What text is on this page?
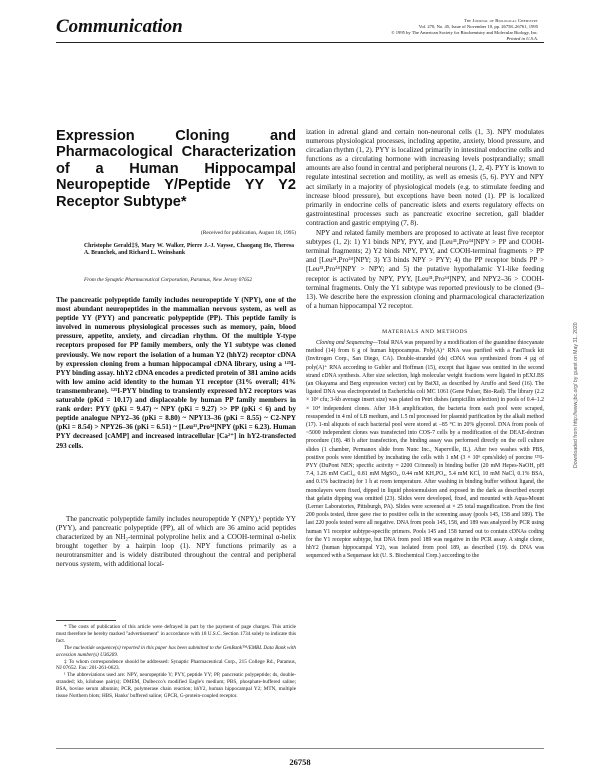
Communication	The Journal of Biological Chemistry
Vol. 270, No. 45, Issue of November 10, pp. 26758–26761, 1995
© 1995 by The American Society for Biochemistry and Molecular Biology, Inc.
Printed in U.S.A.
Expression Cloning and Pharmacological Characterization of a Human Hippocampal Neuropeptide Y/Peptide YY Y2 Receptor Subtype*
(Received for publication, August 18, 1995)
Christophe Gerald‡§, Mary W. Walker, Pierre J.-J. Vaysse, Chaogang He, Theresa A. Branchek, and Richard L. Weinshank
From the Synaptic Pharmaceutical Corporation, Paramus, New Jersey 07652
The pancreatic polypeptide family includes neuropeptide Y (NPY), one of the most abundant neuropeptides in the mammalian nervous system, as well as peptide YY (PYY) and pancreatic polypeptide (PP). This peptide family is involved in numerous physiological processes such as memory, pain, blood pressure, appetite, anxiety, and circadian rhythm. Of the multiple Y-type receptors proposed for PP family members, only the Y1 subtype was cloned previously. We now report the isolation of a human Y2 (hhY2) receptor cDNA by expression cloning from a human hippocampal cDNA library, using a ¹²⁵I-PYY binding assay. hhY2 cDNA encodes a predicted protein of 381 amino acids with low amino acid identity to the human Y1 receptor (31% overall; 41% transmembrane). ¹²⁵I-PYY binding to transiently expressed hY2 receptors was saturable (pKd = 10.17) and displaceable by human PP family members in rank order: PYY (pKi = 9.47) ~ NPY (pKi = 9.27) >> PP (pKi < 6) and by peptide analogue NPY2–36 (pKi = 8.80) ~ NPY13–36 (pKi = 8.55) ~ C2-NPY (pKi = 8.54) > NPY26–36 (pKi = 6.51) ~ [Leu³¹,Pro³⁴]NPY (pKi = 6.23). Human PYY decreased [cAMP] and increased intracellular [Ca²⁺] in hY2-transfected 293 cells.
The pancreatic polypeptide family includes neuropeptide Y (NPY),¹ peptide YY (PYY), and pancreatic polypeptide (PP), all of which are 36 amino acid peptides characterized by an NH₂-terminal polyproline helix and a COOH-terminal α-helix brought together by a hairpin loop (1). NPY functions primarily as a neurotransmitter and is widely distributed throughout the central and peripheral nervous system, with additional local-

* The costs of publication of this article were defrayed in part by the payment of page charges. This article must therefore be hereby marked "advertisement" in accordance with 18 U.S.C. Section 1734 solely to indicate this fact.

The nucleotide sequence(s) reported in this paper has been submitted to the GenBank™/EMBL Data Bank with accession number(s) U36269.

‡ To whom correspondence should be addressed: Synaptic Pharmaceutical Corp., 215 College Rd., Paramus, NJ 07652. Fax: 201-261-0623.

¹ The abbreviations used are: NPY, neuropeptide Y; PYY, peptide YY; PP, pancreatic polypeptide; ds, double-stranded; kb, kilobase pair(s); DMEM, Dulbecco's modified Eagle's medium; PBS, phosphate-buffered saline; BSA, bovine serum albumin; PCR, polymerase chain reaction; hhY2, human hippocampal Y2; MTN, multiple tissue Northern blots; HBS, Hanks' buffered saline; GPCR, G-protein-coupled receptor.

ization in adrenal gland and certain non-neuronal cells (1, 3). NPY modulates numerous physiological processes, including appetite, anxiety, blood pressure, and circadian rhythm (1, 2). PYY is localized primarily in intestinal endocrine cells and functions as a circulating hormone with increasing levels postprandially; small amounts are also found in central and peripheral neurons (1, 2, 4). PYY is known to regulate intestinal secretion and motility, as well as emesis (5, 6). PYY and NPY act similarly in a majority of physiological models (e.g. to stimulate feeding and increase blood pressure), but exceptions have been noted (1). PP is localized primarily in endocrine cells of pancreatic islets and exerts regulatory effects on gastrointestinal processes such as pancreatic exocrine secretion, gall bladder contraction and gastric emptying (7, 8).

NPY and related family members are proposed to activate at least five receptor subtypes (1, 2): 1) Y1 binds NPY, PYY, and [Leu³¹,Pro³⁴]NPY > PP and COOH-terminal fragments; 2) Y2 binds NPY, PYY, and COOH-terminal fragments > PP and [Leu³¹,Pro³⁴]NPY; 3) Y3 binds NPY > PYY; 4) the PP receptor binds PP > [Leu³¹,Pro³⁴]NPY > NPY; and 5) the putative hypothalamic Y1-like feeding receptor is activated by NPY, PYY, [Leu³¹,Pro³⁴]NPY, and NPY2–36 > COOH-terminal fragments. Only the Y1 subtype was reported previously to be cloned (9–13). We describe here the expression cloning and pharmacological characterization of a human hippocampal Y2 receptor.

MATERIALS AND METHODS
Cloning and Sequencing—Total RNA was prepared by a modification of the guanidine thiocyanate method (14) from 6 g of human hippocampus. Poly(A)⁺ RNA was purified with a FastTrack kit (Invitrogen Corp., San Diego, CA). Double-stranded (ds) cDNA was synthesized from 4 μg of poly(A)⁺ RNA according to Gubler and Hoffman (15), except that ligase was omitted in the second strand cDNA synthesis. After size selection, high molecular weight fractions were ligated in pEXJ.BS (an Okayama and Berg expression vector) cut by BstXI, as described by Aruffo and Seed (16). The ligated DNA was electroporated in Escherichia coli MC 1061 (Gene Pulser, Bio-Rad). The library (2.2 × 10⁶ cfu; 3-kb average insert size) was plated on Petri dishes (ampicillin selection) in pools of 0.4–1.2 × 10⁴ independent clones. After 18-h amplification, the bacteria from each pool were scraped, resuspended in 4 ml of LB medium, and 1.5 ml processed for plasmid purification by the alkali method (17). 1-ml aliquots of each bacterial pool were stored at −85 °C in 20% glycerol. DNA from pools of ~5000 independent clones was transfected into COS-7 cells by a modification of the DEAE-dextran procedure (18). 48 h after transfection, the binding assay was performed directly on the cell culture slides (1 chamber, Permanox slide from Nunc Inc., Naperville, IL). After two washes with PBS, positive pools were identified by incubating the cells with 1 nM (3 × 10⁶ cpm/slide) of porcine ¹²⁵I-PYY (DuPont NEN; specific activity = 2200 Ci/mmol) in binding buffer (20 mM Hepes-NaOH, pH 7.4, 1.26 mM CaCl₂, 0.81 mM MgSO₄, 0.44 mM KH₂PO₄, 5.4 mM KCl, 10 mM NaCl, 0.1% BSA, and 0.1% bacitracin) for 1 h at room temperature. After washing in binding buffer without ligand, the monolayers were fixed, dipped in liquid photoemulsion and exposed in the dark as described except that gelatin dipping was omitted (23). Slides were developed, fixed, and mounted with Aqua-Mount (Lerner Laboratories, Pittsburgh, PA). Slides were screened at × 25 total magnification. From the first 200 pools tested, three gave rise to positive cells in the screening assay (pools 145, 158 and 189). The last 220 pools tested were all negative. DNA from pools 145, 158, and 189 was analyzed by PCR using human Y1 receptor subtype-specific primers. Pools 145 and 158 turned out to contain cDNAs coding for the Y1 receptor subtype, but DNA from pool 189 was negative in the PCR assay. A single clone, hhY2 (human hippocampal Y2), was isolated from pool 189, as described (19). ds DNA was sequenced with a Sequenase kit (U. S. Biochemical Corp.) according to the
26758
Downloaded from http://www.jbc.org/ by guest on May 31, 2020
